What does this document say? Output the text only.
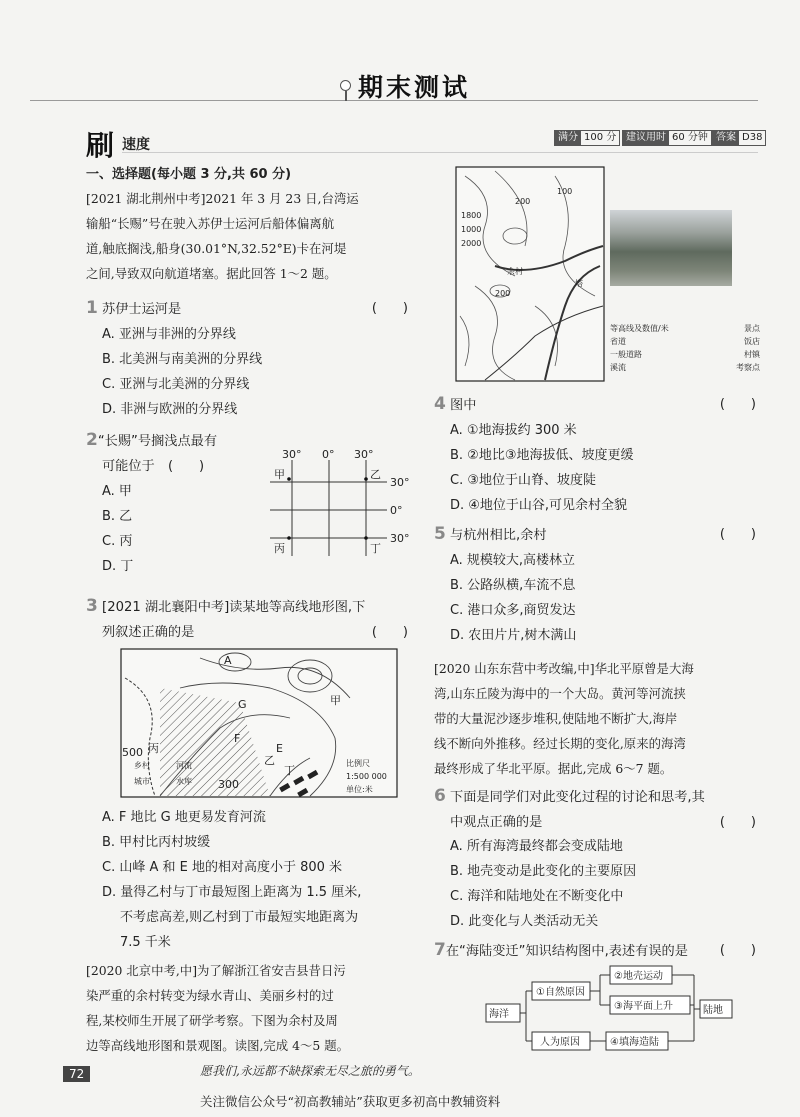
期末测试
刷 速度	满分 100 分 建议用时 60 分钟 答案 D38
一、选择题(每小题 3 分,共 60 分)
[2021 湖北荆州中考]2021 年 3 月 23 日,台湾运
输船“长赐”号在驶入苏伊士运河后船体偏离航
道,触底搁浅,船身(30.01°N,32.52°E)卡在河堤
之间,导致双向航道堵塞。据此回答 1～2 题。
1 苏伊士运河是	(　　)
A. 亚洲与非洲的分界线
B. 北美洲与南美洲的分界线
C. 亚洲与北美洲的分界线
D. 非洲与欧洲的分界线
2“长赐”号搁浅点最有
可能位于　 (　　)
A. 甲
B. 乙
C. 丙
D. 丁
30° 0° 30°
30°
0°
30°
甲	乙
丙	丁
3 [2021 湖北襄阳中考]读某地等高线地形图,下
列叙述正确的是	(　　)
A
F
G
E
甲
丙
乙
丁
500
300
乡村	河流
城市	水库
比例尺
1:500 000
单位:米
A. F 地比 G 地更易发育河流
B. 甲村比丙村坡缓
C. 山峰 A 和 E 地的相对高度小于 800 米
D. 量得乙村与丁市最短图上距离为 1.5 厘米,
不考虑高差,则乙村到丁市最短实地距离为
7.5 千米
[2020 北京中考,中]为了解浙江省安吉县昔日污
染严重的余村转变为绿水青山、美丽乡村的过
程,某校师生开展了研学考察。下图为余村及周
边等高线地形图和景观图。读图,完成 4～5 题。
1800
200
100
1000
2000
200
余村
塔
等高线及数值/米	景点
省道	饭店
一般道路	村镇
溪流	考察点
4 图中	(　　)
A. ①地海拔约 300 米
B. ②地比③地海拔低、坡度更缓
C. ③地位于山脊、坡度陡
D. ④地位于山谷,可见余村全貌
5 与杭州相比,余村	(　　)
A. 规模较大,高楼林立
B. 公路纵横,车流不息
C. 港口众多,商贸发达
D. 农田片片,树木满山
[2020 山东东营中考改编,中]华北平原曾是大海
湾,山东丘陵为海中的一个大岛。黄河等河流挟
带的大量泥沙逐步堆积,使陆地不断扩大,海岸
线不断向外推移。经过长期的变化,原来的海湾
最终形成了华北平原。据此,完成 6～7 题。
6 下面是同学们对此变化过程的讨论和思考,其
中观点正确的是	(　　)
A. 所有海湾最终都会变成陆地
B. 地壳变动是此变化的主要原因
C. 海洋和陆地处在不断变化中
D. 此变化与人类活动无关
7在“海陆变迁”知识结构图中,表述有误的是 (　　)
海洋
①自然原因
人为原因
②地壳运动
③海平面上升
④填海造陆
陆地
72	愿我们,永远都不缺探索无尽之旅的勇气。
关注微信公众号“初高教辅站”获取更多初高中教辅资料
